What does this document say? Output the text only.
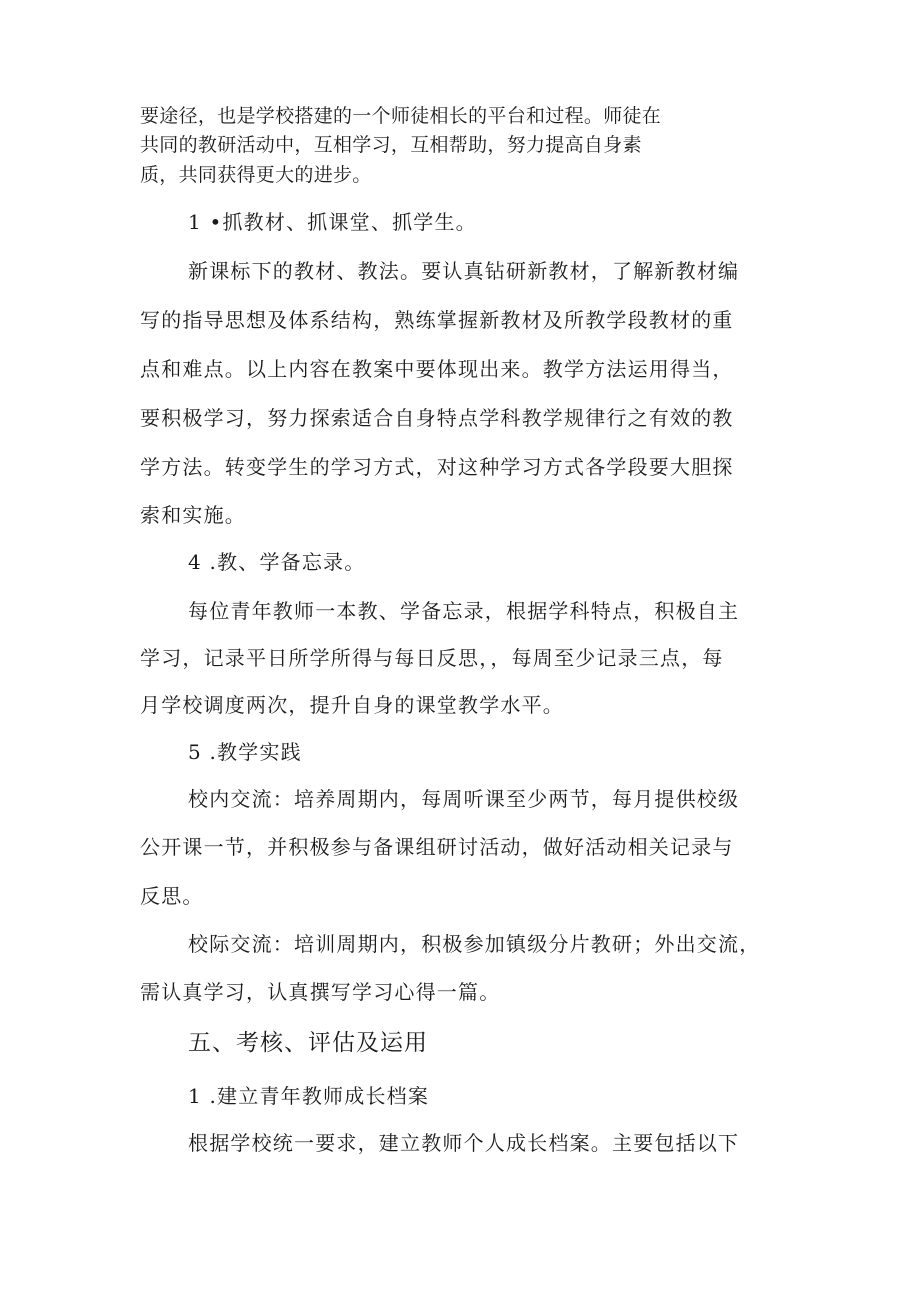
要途径，也是学校搭建的一个师徒相长的平台和过程。师徒在
共同的教研活动中，互相学习，互相帮助，努力提高自身素
质，共同获得更大的进步。
1 •抓教材、抓课堂、抓学生。
新课标下的教材、教法。要认真钻研新教材，了解新教材编
写的指导思想及体系结构，熟练掌握新教材及所教学段教材的重
点和难点。以上内容在教案中要体现出来。教学方法运用得当，
要积极学习，努力探索适合自身特点学科教学规律行之有效的教
学方法。转变学生的学习方式，对这种学习方式各学段要大胆探
索和实施。
4 .教、学备忘录。
每位青年教师一本教、学备忘录，根据学科特点，积极自主
学习，记录平日所学所得与每日反思，，每周至少记录三点，每
月学校调度两次，提升自身的课堂教学水平。
5 .教学实践
校内交流：培养周期内，每周听课至少两节，每月提供校级
公开课一节，并积极参与备课组研讨活动，做好活动相关记录与
反思。
校际交流：培训周期内，积极参加镇级分片教研；外出交流，
需认真学习，认真撰写学习心得一篇。
五、考核、评估及运用
1 .建立青年教师成长档案
根据学校统一要求，建立教师个人成长档案。主要包括以下
